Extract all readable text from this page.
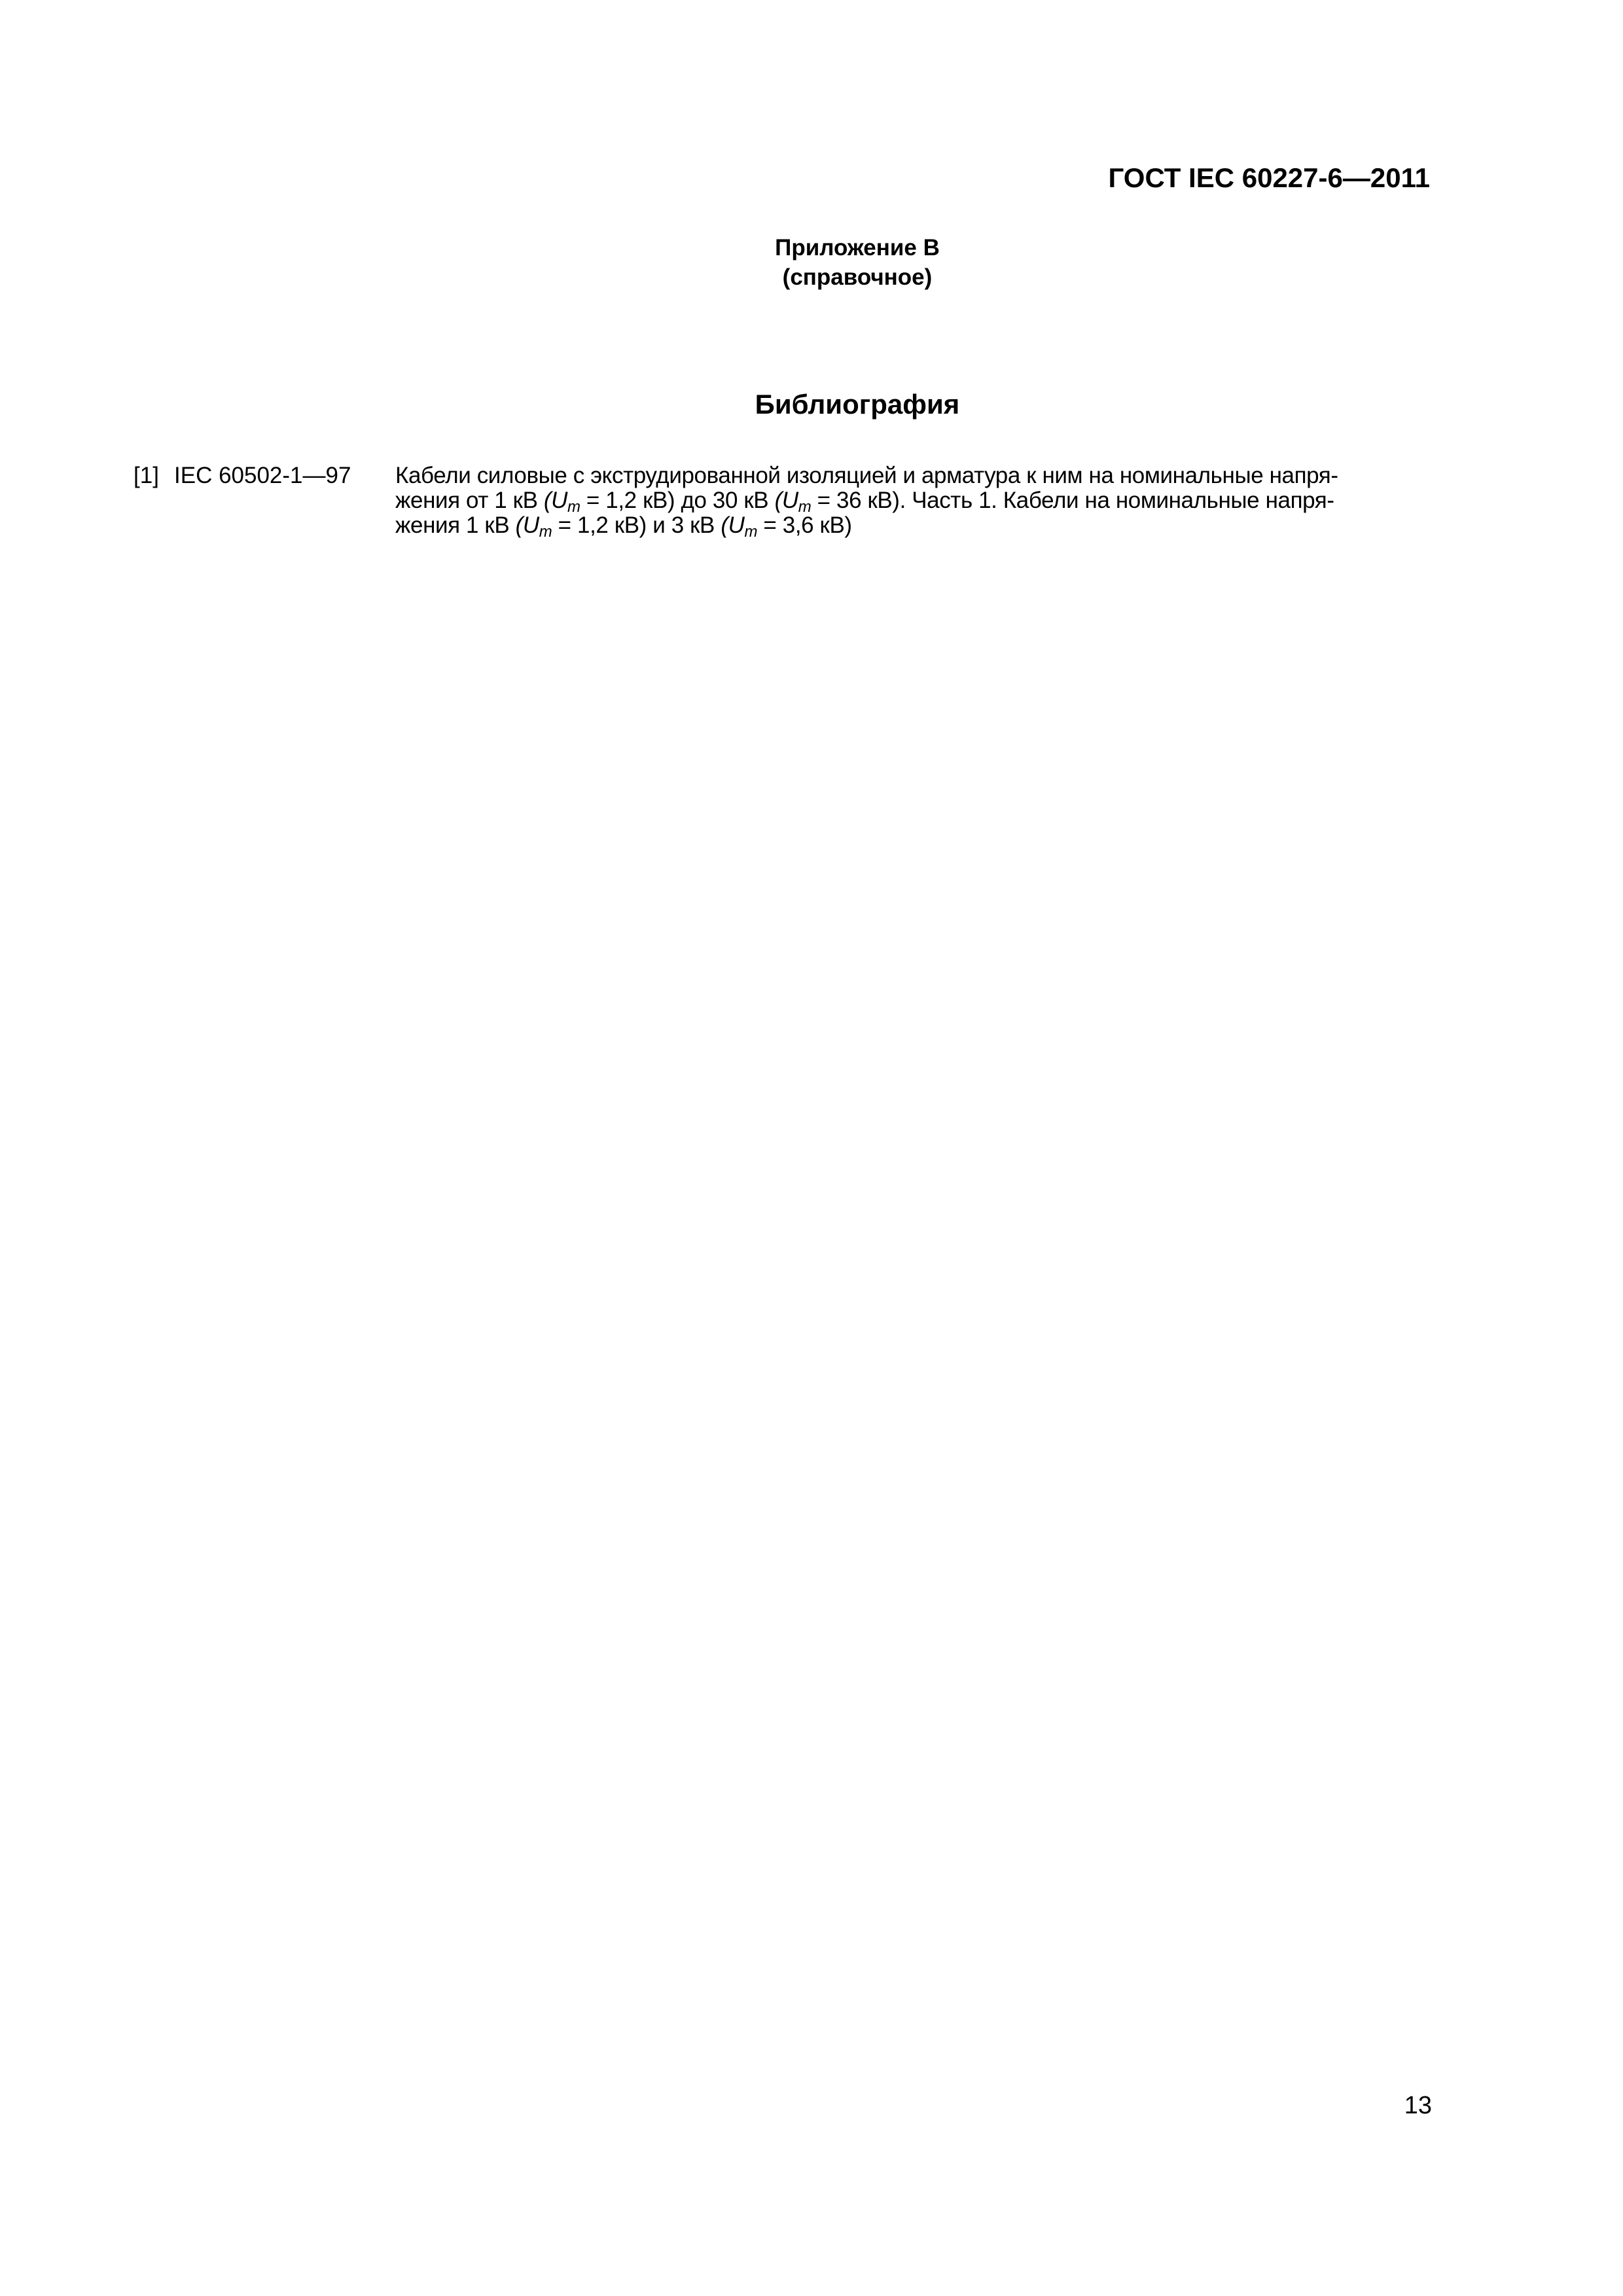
ГОСТ IEC 60227-6—2011
Приложение В
(справочное)
Библиография
[1] IEC 60502-1—97 Кабели силовые с экструдированной изоляцией и арматура к ним на номинальные напря-
жения от 1 кВ ($U_m = 1,2$ кВ) до 30 кВ ($U_m = 36$ кВ). Часть 1. Кабели на номинальные напря-
жения 1 кВ ($U_m = 1,2$ кВ) и 3 кВ ($U_m = 3,6$ кВ)
13
